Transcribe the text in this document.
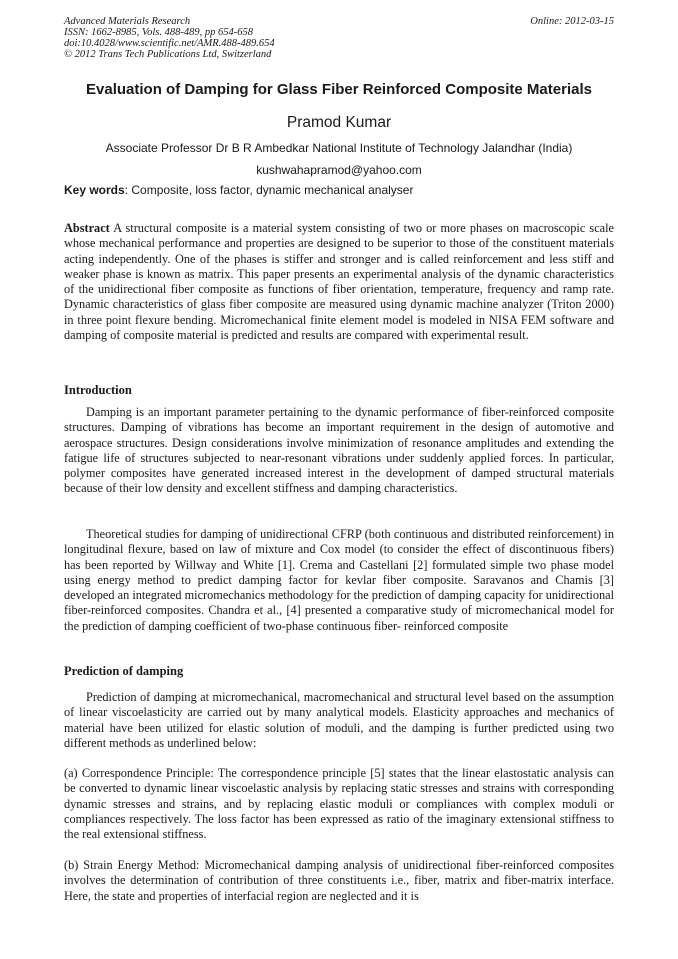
Advanced Materials Research
ISSN: 1662-8985, Vols. 488-489, pp 654-658
doi:10.4028/www.scientific.net/AMR.488-489.654
© 2012 Trans Tech Publications Ltd, Switzerland
Online: 2012-03-15
Evaluation of Damping for Glass Fiber Reinforced Composite Materials
Pramod Kumar
Associate Professor Dr B R Ambedkar National Institute of Technology Jalandhar (India)
kushwahapramod@yahoo.com
Key words: Composite, loss factor, dynamic mechanical analyser

Abstract A structural composite is a material system consisting of two or more phases on macroscopic scale whose mechanical performance and properties are designed to be superior to those of the constituent materials acting independently. One of the phases is stiffer and stronger and is called reinforcement and less stiff and weaker phase is known as matrix. This paper presents an experimental analysis of the dynamic characteristics of the unidirectional fiber composite as functions of fiber orientation, temperature, frequency and ramp rate. Dynamic characteristics of glass fiber composite are measured using dynamic machine analyzer (Triton 2000) in three point flexure bending. Micromechanical finite element model is modeled in NISA FEM software and damping of composite material is predicted and results are compared with experimental result.

Introduction

Damping is an important parameter pertaining to the dynamic performance of fiber-reinforced composite structures. Damping of vibrations has become an important requirement in the design of automotive and aerospace structures. Design considerations involve minimization of resonance amplitudes and extending the fatigue life of structures subjected to near-resonant vibrations under suddenly applied forces. In particular, polymer composites have generated increased interest in the development of damped structural materials because of their low density and excellent stiffness and damping characteristics.

Theoretical studies for damping of unidirectional CFRP (both continuous and distributed reinforcement) in longitudinal flexure, based on law of mixture and Cox model (to consider the effect of discontinuous fibers) has been reported by Willway and White [1]. Crema and Castellani [2] formulated simple two phase model using energy method to predict damping factor for kevlar fiber composite. Saravanos and Chamis [3] developed an integrated micromechanics methodology for the prediction of damping capacity for unidirectional fiber-reinforced composites. Chandra et al., [4] presented a comparative study of micromechanical model for the prediction of damping coefficient of two-phase continuous fiber- reinforced composite

Prediction of damping

Prediction of damping at micromechanical, macromechanical and structural level based on the assumption of linear viscoelasticity are carried out by many analytical models. Elasticity approaches and mechanics of material have been utilized for elastic solution of moduli, and the damping is further predicted using two different methods as underlined below:

(a) Correspondence Principle: The correspondence principle [5] states that the linear elastostatic analysis can be converted to dynamic linear viscoelastic analysis by replacing static stresses and strains with corresponding dynamic stresses and strains, and by replacing elastic moduli or compliances with complex moduli or compliances respectively. The loss factor has been expressed as ratio of the imaginary extensional stiffness to the real extensional stiffness.

(b) Strain Energy Method: Micromechanical damping analysis of unidirectional fiber-reinforced composites involves the determination of contribution of three constituents i.e., fiber, matrix and fiber-matrix interface. Here, the state and properties of interfacial region are neglected and it is
